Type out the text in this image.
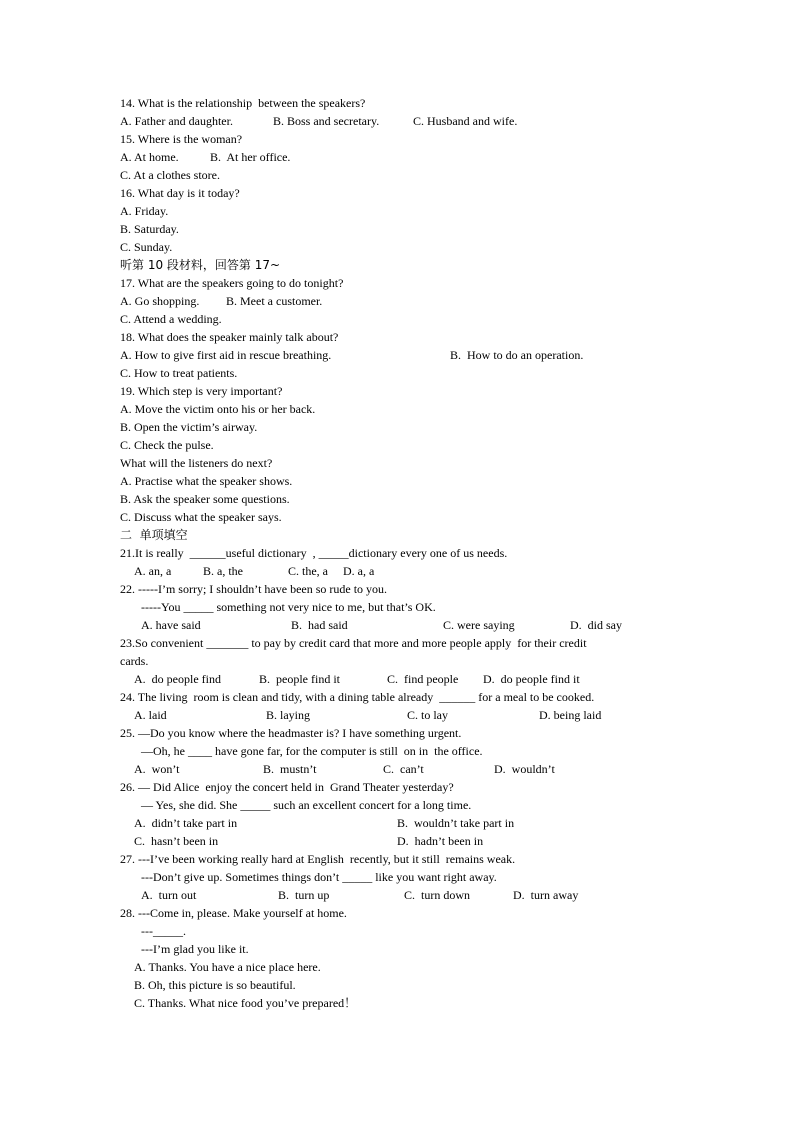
14. What is the relationship  between the speakers?
A. Father and daughter.	B. Boss and secretary.	C. Husband and wife.
15. Where is the woman?
A. At home.	B.  At her office.
C. At a clothes store.
16. What day is it today?
A. Friday.
B. Saturday.
C. Sunday.
听第 10 段材料，回答第 17~
17. What are the speakers going to do tonight?
A. Go shopping. B. Meet a customer.
C. Attend a wedding.
18. What does the speaker mainly talk about?
A. How to give first aid in rescue breathing.	B.  How to do an operation.
C. How to treat patients.
19. Which step is very important?
A. Move the victim onto his or her back.
B. Open the victim’s airway.
C. Check the pulse.
What will the listeners do next?
A. Practise what the speaker shows.
B. Ask the speaker some questions.
C. Discuss what the speaker says.
二  单项填空
21.It is really  ______useful dictionary  , _____dictionary every one of us needs.
A. an, a	B. a, the	C. the, a D. a, a
22. -----I’m sorry; I shouldn’t have been so rude to you.
-----You _____ something not very nice to me, but that’s OK.
A. have said	B.  had said	C. were saying	D.  did say
23.So convenient _______ to pay by credit card that more and more people apply  for their credit
cards.
A.  do people find	B.  people find it	C.  find people D.  do people find it
24. The living  room is clean and tidy, with a dining table already  ______ for a meal to be cooked.
A. laid	B. laying	C. to lay	D. being laid
25. —Do you know where the headmaster is? I have something urgent.
—Oh, he ____ have gone far, for the computer is still  on in  the office.
A.  won’t	B.  mustn’t	C.  can’t	D.  wouldn’t
26. — Did Alice  enjoy the concert held in  Grand Theater yesterday?
— Yes, she did. She _____ such an excellent concert for a long time.
A.  didn’t take part in	B.  wouldn’t take part in
C.  hasn’t been in	D.  hadn’t been in
27. ---I’ve been working really hard at English  recently, but it still  remains weak.
---Don’t give up. Sometimes things don’t _____ like you want right away.
A.  turn out	B.  turn up	C.  turn down	D.  turn away
28. ---Come in, please. Make yourself at home.
---_____.
---I’m glad you like it.
A. Thanks. You have a nice place here.
B. Oh, this picture is so beautiful.
C. Thanks. What nice food you’ve prepared！
